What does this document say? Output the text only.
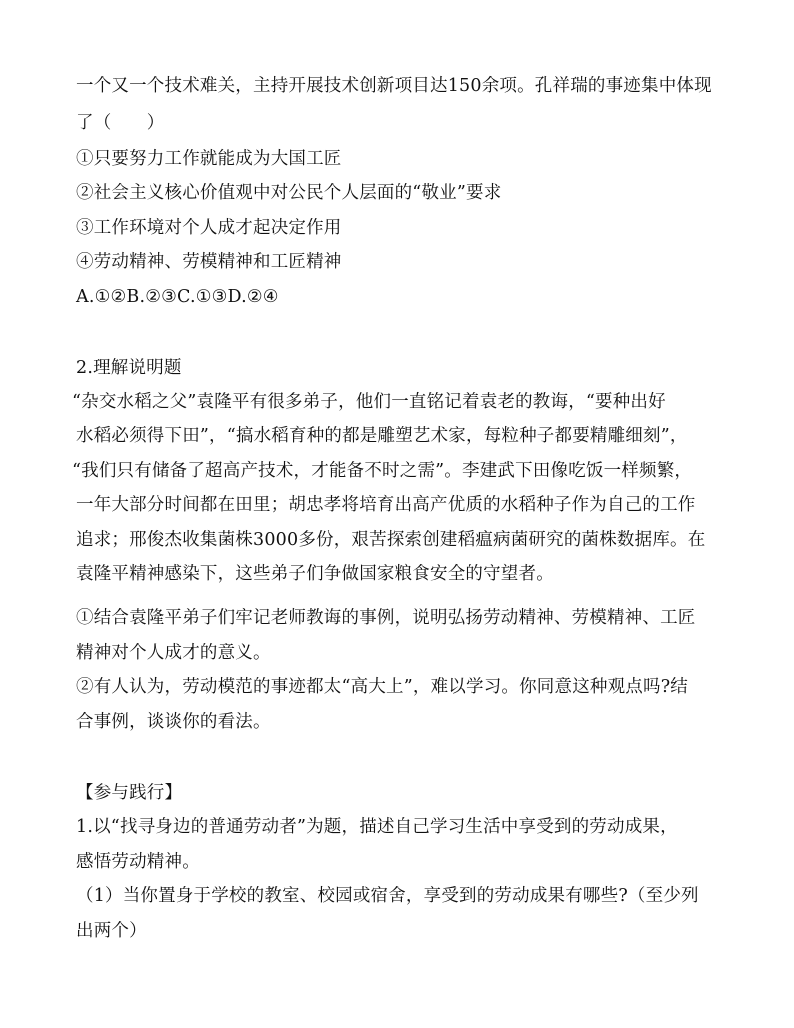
一个又一个技术难关，主持开展技术创新项目达150余项。孔祥瑞的事迹集中体现
了（　　）
①只要努力工作就能成为大国工匠
②社会主义核心价值观中对公民个人层面的“敬业”要求
③工作环境对个人成才起决定作用
④劳动精神、劳模精神和工匠精神
A.①②B.②③C.①③D.②④
2.理解说明题
“杂交水稻之父”袁隆平有很多弟子，他们一直铭记着袁老的教诲，“要种出好
水稻必须得下田”，“搞水稻育种的都是雕塑艺术家，每粒种子都要精雕细刻”，
“我们只有储备了超高产技术，才能备不时之需”。李建武下田像吃饭一样频繁，
一年大部分时间都在田里；胡忠孝将培育出高产优质的水稻种子作为自己的工作
追求；邢俊杰收集菌株3000多份，艰苦探索创建稻瘟病菌研究的菌株数据库。在
袁隆平精神感染下，这些弟子们争做国家粮食安全的守望者。
①结合袁隆平弟子们牢记老师教诲的事例，说明弘扬劳动精神、劳模精神、工匠
精神对个人成才的意义。
②有人认为，劳动模范的事迹都太“高大上”，难以学习。你同意这种观点吗?结
合事例，谈谈你的看法。
【参与践行】
1.以“找寻身边的普通劳动者”为题，描述自己学习生活中享受到的劳动成果，
感悟劳动精神。
（1）当你置身于学校的教室、校园或宿舍，享受到的劳动成果有哪些?（至少列
出两个）
